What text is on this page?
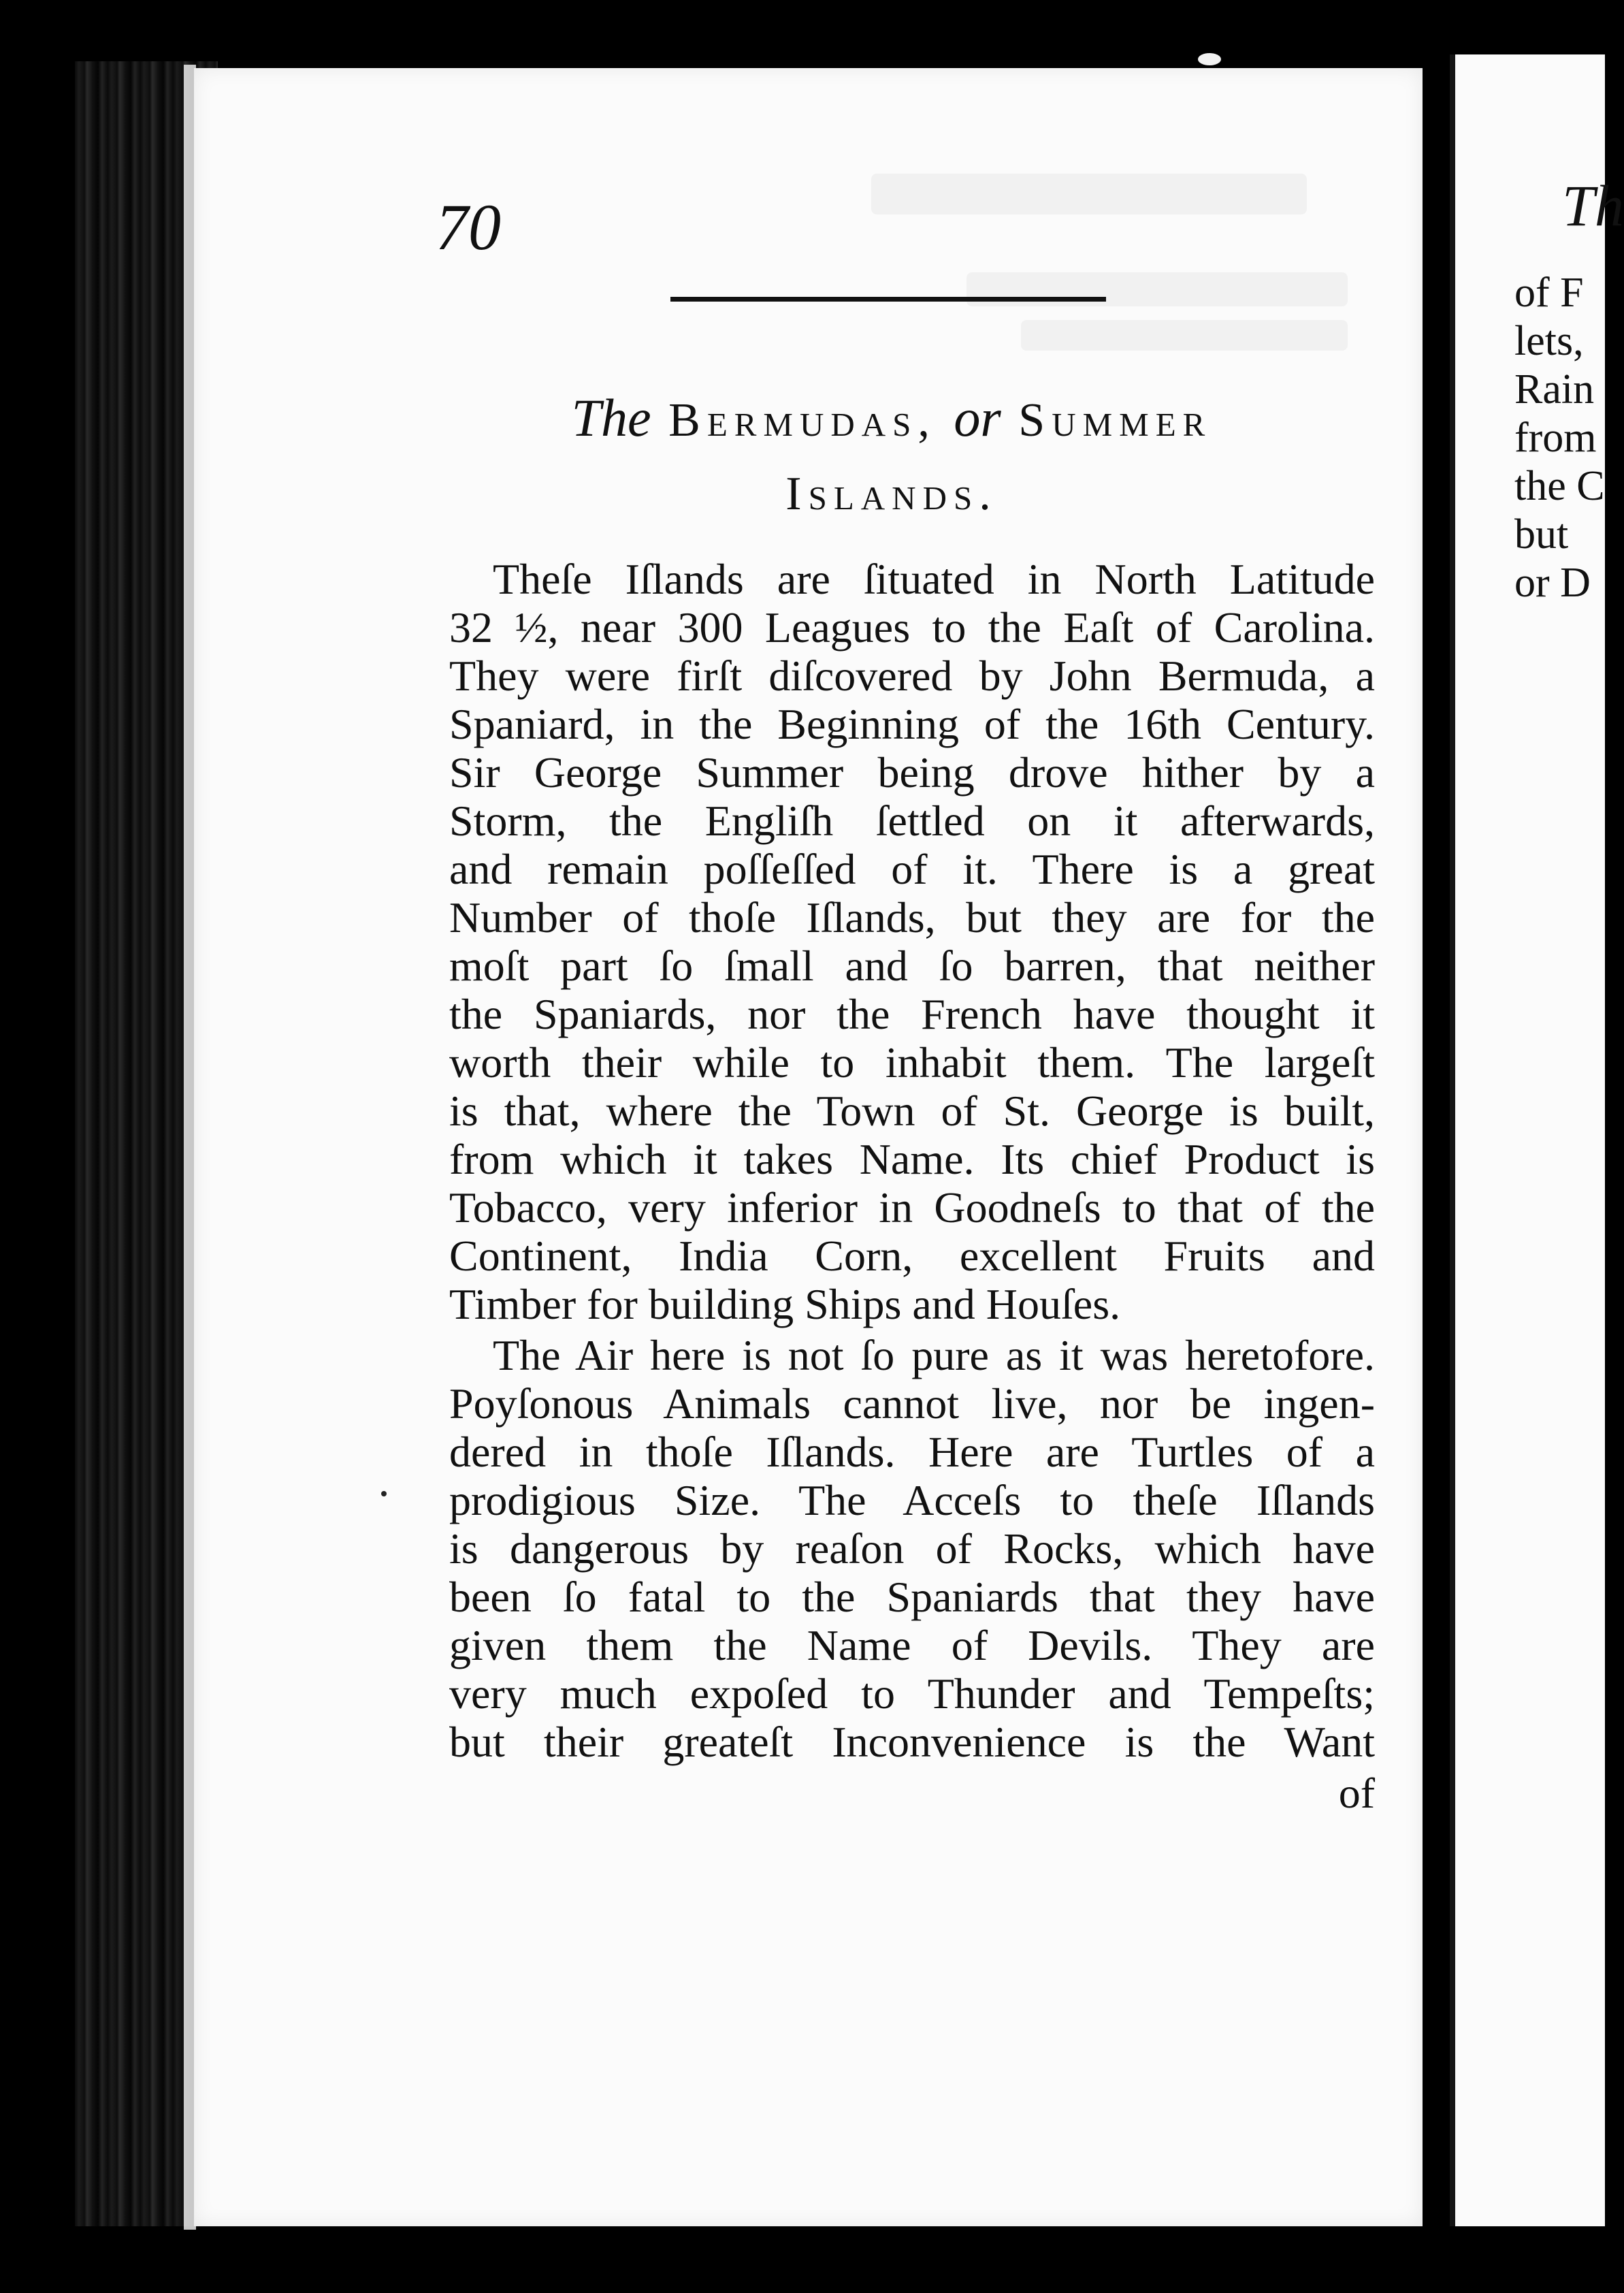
70

The Bermudas, or Summer
Islands.
Theſe Iſlands are ſituated in North Latitude
32 ½, near 300 Leagues to the Eaſt of Carolina.
They were firſt diſcovered by John Bermuda, a
Spaniard, in the Beginning of the 16th Century.
Sir George Summer being drove hither by a
Storm, the Engliſh ſettled on it afterwards,
and remain poſſeſſed of it. There is a great
Number of thoſe Iſlands, but they are for the
moſt part ſo ſmall and ſo barren, that neither
the Spaniards, nor the French have thought it
worth their while to inhabit them. The largeſt
is that, where the Town of St. George is built,
from which it takes Name. Its chief Product is
Tobacco, very inferior in Goodneſs to that of the
Continent, India Corn, excellent Fruits and
Timber for building Ships and Houſes.
The Air here is not ſo pure as it was heretofore.
Poyſonous Animals cannot live, nor be ingen-
dered in thoſe Iſlands. Here are Turtles of a
prodigious Size. The Acceſs to theſe Iſlands
is dangerous by reaſon of Rocks, which have
been ſo fatal to the Spaniards that they have
given them the Name of Devils. They are
very much expoſed to Thunder and Tempeſts;
but their greateſt Inconvenience is the Want
of

Th

of F
lets,
Rain
from
the C
but
or D
